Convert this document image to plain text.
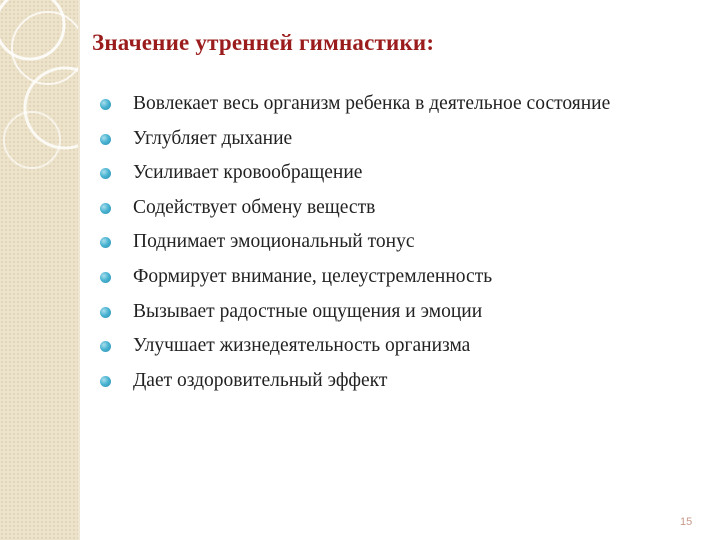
Значение утренней гимнастики:
Вовлекает весь организм ребенка в деятельное состояние
Углубляет дыхание
Усиливает кровообращение
Содействует обмену веществ
Поднимает эмоциональный тонус
Формирует внимание, целеустремленность
Вызывает радостные ощущения и эмоции
Улучшает жизнедеятельность организма
Дает оздоровительный эффект
15
